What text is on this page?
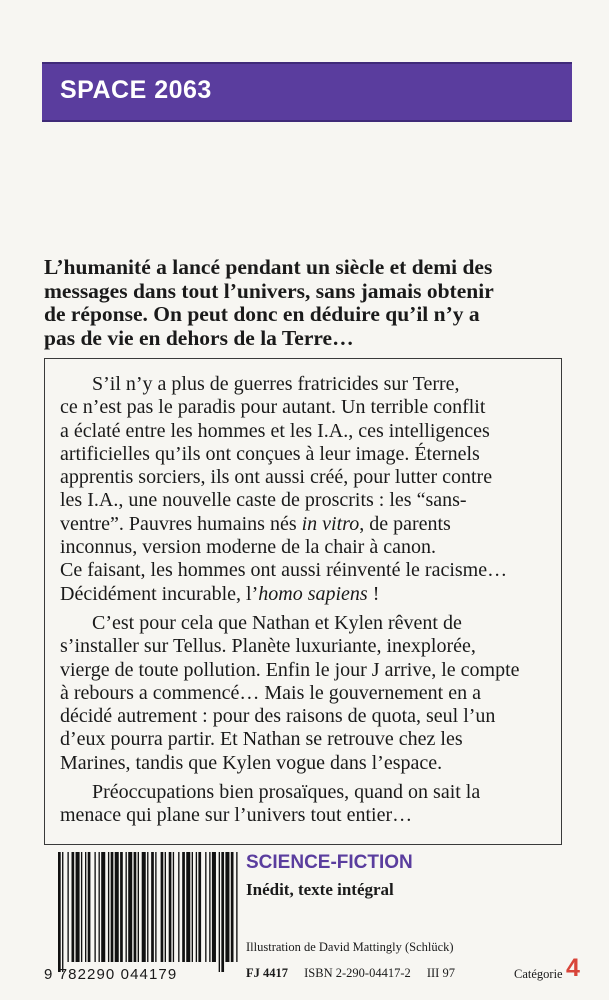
SPACE 2063
L’humanité a lancé pendant un siècle et demi des
messages dans tout l’univers, sans jamais obtenir
de réponse. On peut donc en déduire qu’il n’y a
pas de vie en dehors de la Terre…
S’il n’y a plus de guerres fratricides sur Terre,
ce n’est pas le paradis pour autant. Un terrible conflit
a éclaté entre les hommes et les I.A., ces intelligences
artificielles qu’ils ont conçues à leur image. Éternels
apprentis sorciers, ils ont aussi créé, pour lutter contre
les I.A., une nouvelle caste de proscrits : les “sans-
ventre”. Pauvres humains nés in vitro, de parents
inconnus, version moderne de la chair à canon.
Ce faisant, les hommes ont aussi réinventé le racisme…
Décidément incurable, l’homo sapiens !
C’est pour cela que Nathan et Kylen rêvent de
s’installer sur Tellus. Planète luxuriante, inexplorée,
vierge de toute pollution. Enfin le jour J arrive, le compte
à rebours a commencé… Mais le gouvernement en a
décidé autrement : pour des raisons de quota, seul l’un
d’eux pourra partir. Et Nathan se retrouve chez les
Marines, tandis que Kylen vogue dans l’espace.
Préoccupations bien prosaïques, quand on sait la
menace qui plane sur l’univers tout entier…
9 782290 044179
SCIENCE-FICTION
Inédit, texte intégral
Illustration de David Mattingly (Schlück)
FJ 4417 ISBN 2-290-04417-2 III 97	Catégorie 4
